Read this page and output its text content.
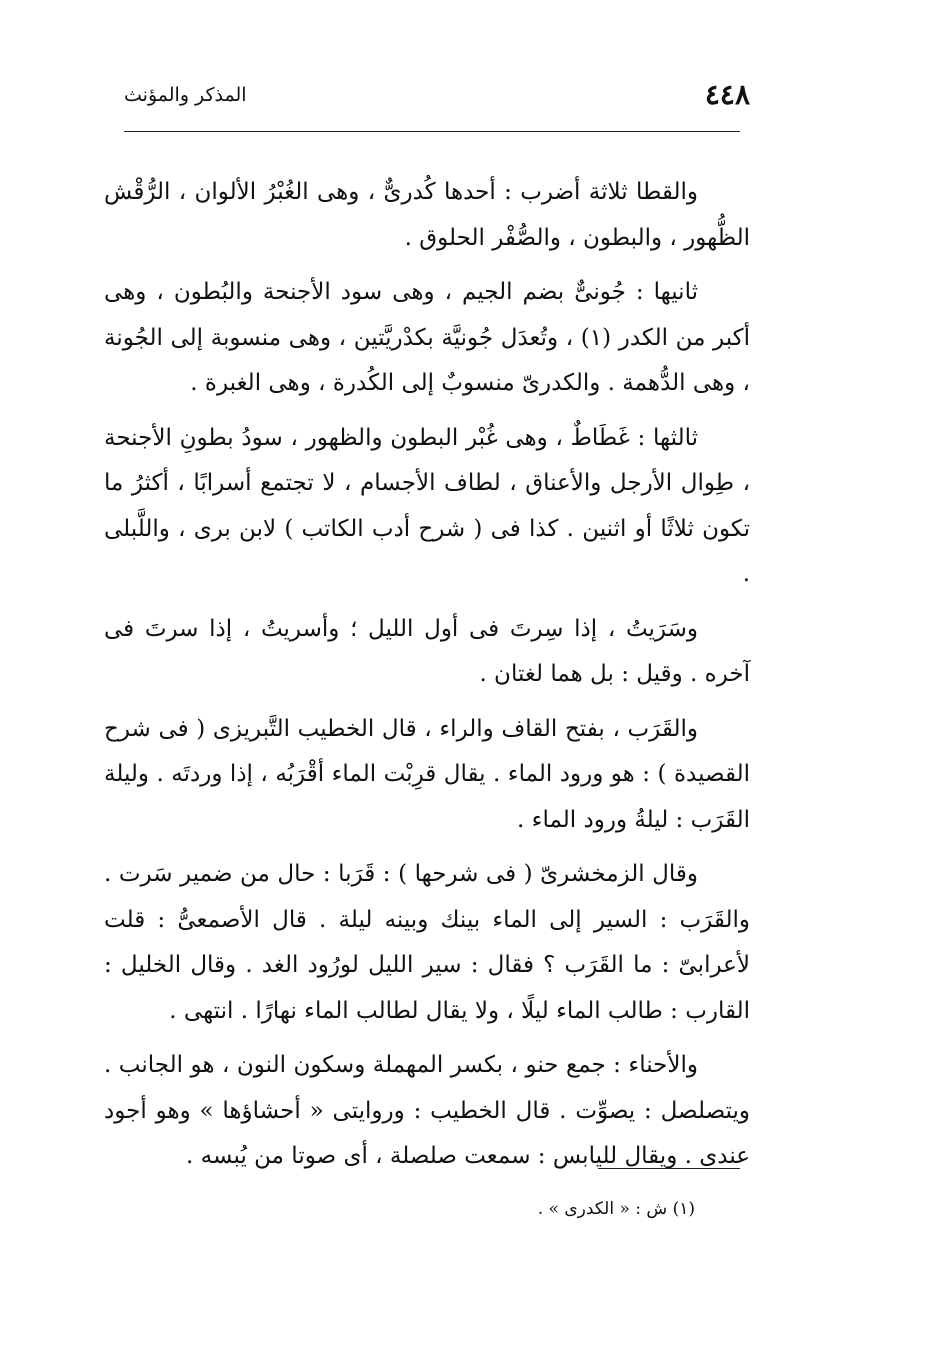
٤٤٨
المذكر والمؤنث

والقطا ثلاثة أضرب : أحدها كُدرىٌّ ، وهى الغُبْرُ الألوان ، الرُّقْش الظُّهور ، والبطون ، والصُّفْر الحلوق .

ثانيها : جُونىٌّ بضم الجيم ، وهى سود الأجنحة والبُطون ، وهى أكبر من الكدر (١) ، وتُعدَل جُونيَّة بكدْريَّتين ، وهى منسوبة إلى الجُونة ، وهى الدُّهمة . والكدرىّ منسوبٌ إلى الكُدرة ، وهى الغبرة .

ثالثها : غَطَاطٌ ، وهى غُبْر البطون والظهور ، سودُ بطونِ الأجنحة ، طِوال الأرجل والأعناق ، لطاف الأجسام ، لا تجتمع أسرابًا ، أكثرُ ما تكون ثلاثًا أو اثنين . كذا فى ( شرح أدب الكاتب ) لابن برى ، واللَّبلى .

وسَرَيتُ ، إذا سِرتَ فى أول الليل ؛ وأسريتُ ، إذا سرتَ فى آخره . وقيل : بل هما لغتان .

والقَرَب ، بفتح القاف والراء ، قال الخطيب التَّبريزى ( فى شرح القصيدة ) : هو ورود الماء . يقال قرِبْت الماء أقْرَبُه ، إذا وردتَه . وليلة القَرَب : ليلةُ ورود الماء .

وقال الزمخشرىّ ( فى شرحها ) : قَرَبا : حال من ضمير سَرت . والقَرَب : السير إلى الماء بينك وبينه ليلة . قال الأصمعىُّ : قلت لأعرابىّ : ما القَرَب ؟ فقال : سير الليل لورُود الغد . وقال الخليل : القارب : طالب الماء ليلًا ، ولا يقال لطالب الماء نهارًا . انتهى .

والأحناء : جمع حنو ، بكسر المهملة وسكون النون ، هو الجانب . ويتصلصل : يصوِّت . قال الخطيب : وروايتى « أحشاؤها » وهو أجود عندى . ويقال لليابس : سمعت صلصلة ، أى صوتا من يُبسه .

(١) ش : « الكدرى » .
